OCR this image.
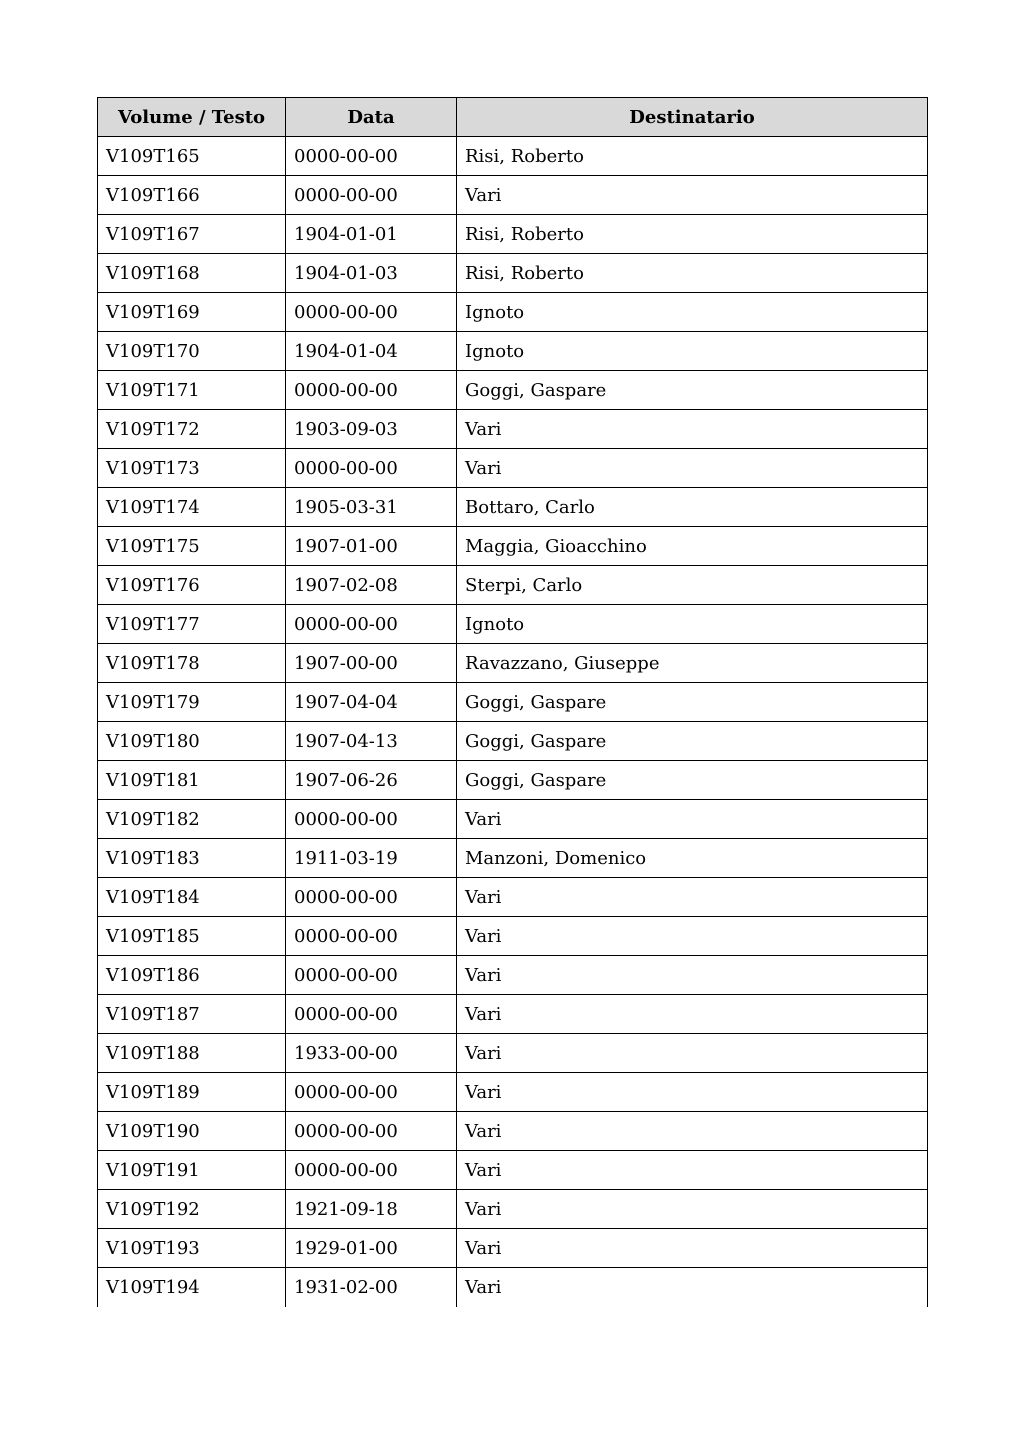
Volume / Testo	Data	Destinatario
V109T165	0000-00-00	Risi, Roberto
V109T166	0000-00-00	Vari
V109T167	1904-01-01	Risi, Roberto
V109T168	1904-01-03	Risi, Roberto
V109T169	0000-00-00	Ignoto
V109T170	1904-01-04	Ignoto
V109T171	0000-00-00	Goggi, Gaspare
V109T172	1903-09-03	Vari
V109T173	0000-00-00	Vari
V109T174	1905-03-31	Bottaro, Carlo
V109T175	1907-01-00	Maggia, Gioacchino
V109T176	1907-02-08	Sterpi, Carlo
V109T177	0000-00-00	Ignoto
V109T178	1907-00-00	Ravazzano, Giuseppe
V109T179	1907-04-04	Goggi, Gaspare
V109T180	1907-04-13	Goggi, Gaspare
V109T181	1907-06-26	Goggi, Gaspare
V109T182	0000-00-00	Vari
V109T183	1911-03-19	Manzoni, Domenico
V109T184	0000-00-00	Vari
V109T185	0000-00-00	Vari
V109T186	0000-00-00	Vari
V109T187	0000-00-00	Vari
V109T188	1933-00-00	Vari
V109T189	0000-00-00	Vari
V109T190	0000-00-00	Vari
V109T191	0000-00-00	Vari
V109T192	1921-09-18	Vari
V109T193	1929-01-00	Vari
V109T194	1931-02-00	Vari
